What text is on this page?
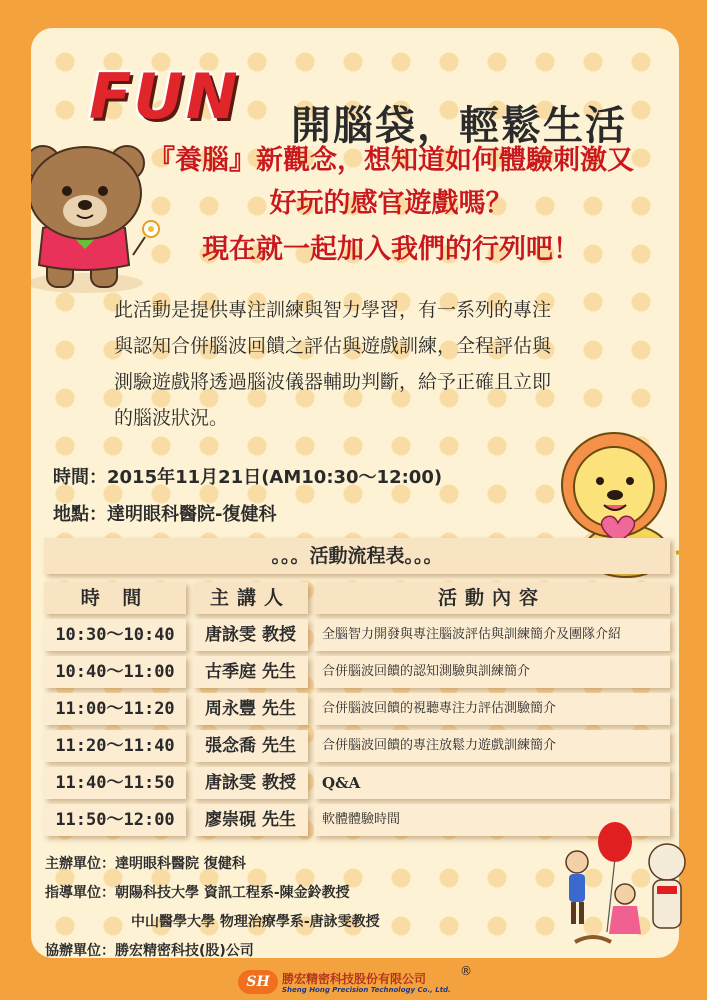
FUN 開腦袋，輕鬆生活
『養腦』新觀念，想知道如何體驗刺激又
好玩的感官遊戲嗎？
現在就一起加入我們的行列吧！
此活動是提供專注訓練與智力學習，有一系列的專注
與認知合併腦波回饋之評估與遊戲訓練，全程評估與
測驗遊戲將透過腦波儀器輔助判斷，給予正確且立即
的腦波狀況。
時間：2015年11月21日(AM10:30～12:00)
地點：達明眼科醫院-復健科
。。。活動流程表。。。
時 間	主講人	活動內容
10:30～10:40	唐詠雯 教授	全腦智力開發與專注腦波評估與訓練簡介及團隊介紹
10:40～11:00	古季庭 先生	合併腦波回饋的認知測驗與訓練簡介
11:00～11:20	周永豐 先生	合併腦波回饋的視聽專注力評估測驗簡介
11:20～11:40	張念喬 先生	合併腦波回饋的專注放鬆力遊戲訓練簡介
11:40～11:50	唐詠雯 教授	Q&A
11:50～12:00	廖崇硯 先生	軟體體驗時間
主辦單位：達明眼科醫院 復健科
指導單位：朝陽科技大學 資訊工程系-陳金鈴教授
中山醫學大學 物理治療學系-唐詠雯教授
協辦單位：勝宏精密科技(股)公司
SH	勝宏精密科技股份有限公司
®
Sheng Hong Precision Technology Co., Ltd.
